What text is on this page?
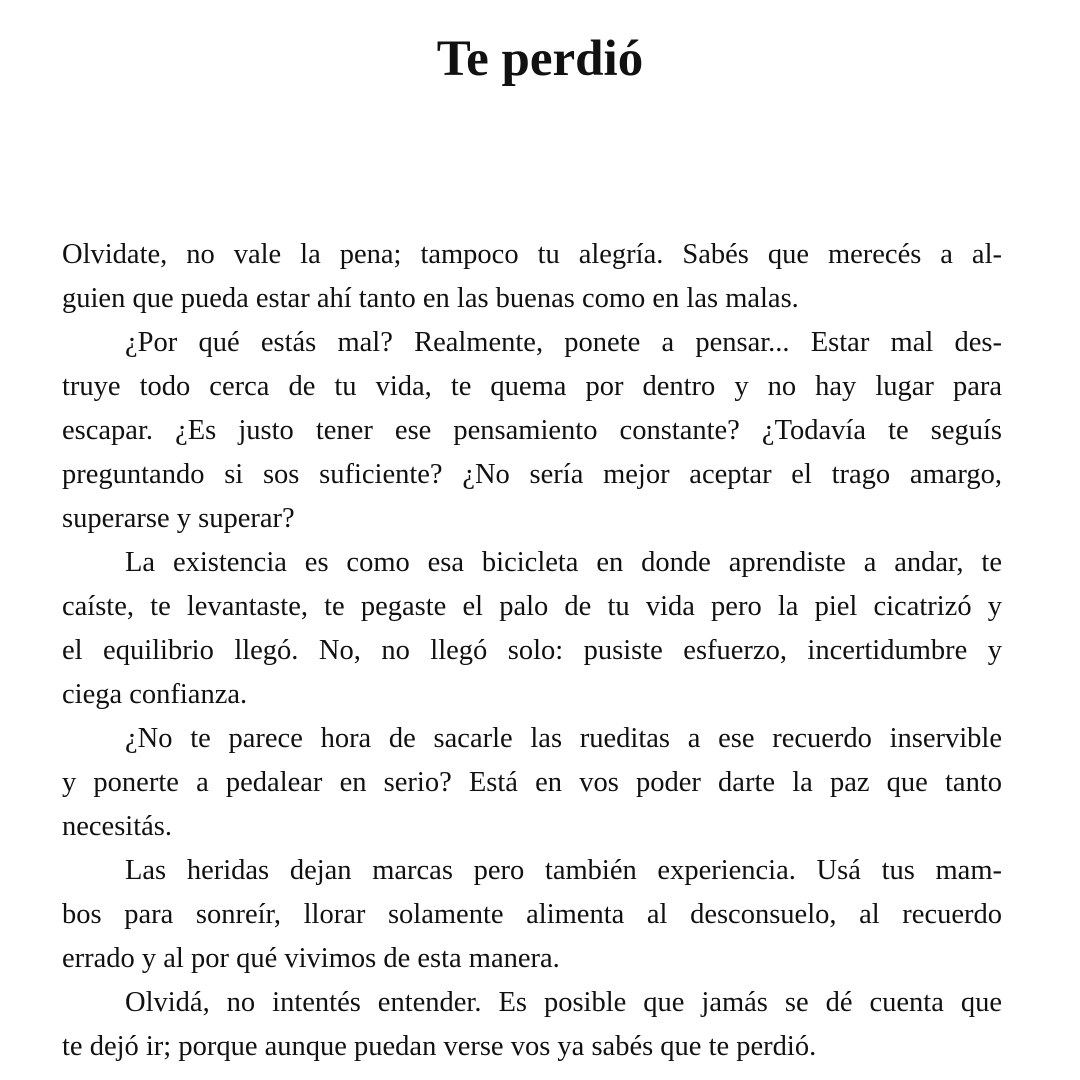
Te perdió
Olvidate, no vale la pena; tampoco tu alegría. Sabés que merecés a al-
guien que pueda estar ahí tanto en las buenas como en las malas.
¿Por qué estás mal? Realmente, ponete a pensar... Estar mal des-
truye todo cerca de tu vida, te quema por dentro y no hay lugar para
escapar. ¿Es justo tener ese pensamiento constante? ¿Todavía te seguís
preguntando si sos suficiente? ¿No sería mejor aceptar el trago amargo,
superarse y superar?
La existencia es como esa bicicleta en donde aprendiste a andar, te
caíste, te levantaste, te pegaste el palo de tu vida pero la piel cicatrizó y
el equilibrio llegó. No, no llegó solo: pusiste esfuerzo, incertidumbre y
ciega confianza.
¿No te parece hora de sacarle las rueditas a ese recuerdo inservible
y ponerte a pedalear en serio? Está en vos poder darte la paz que tanto
necesitás.
Las heridas dejan marcas pero también experiencia. Usá tus mam-
bos para sonreír, llorar solamente alimenta al desconsuelo, al recuerdo
errado y al por qué vivimos de esta manera.
Olvidá, no intentés entender. Es posible que jamás se dé cuenta que
te dejó ir; porque aunque puedan verse vos ya sabés que te perdió.
